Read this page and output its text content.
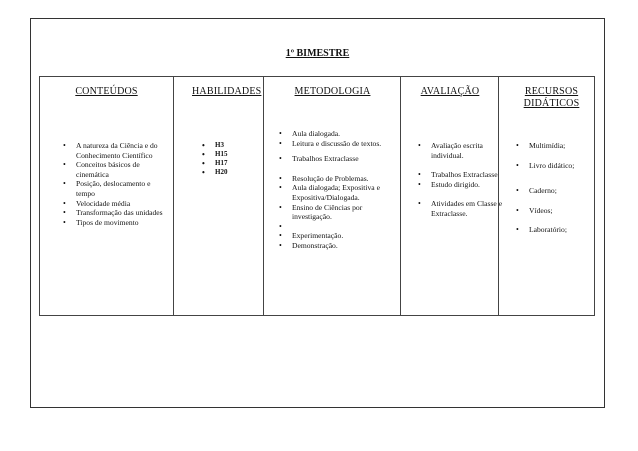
1º BIMESTRE
CONTEÚDOS
• A natureza da Ciência e do Conhecimento Científico
• Conceitos básicos de cinemática
• Posição, deslocamento e tempo
• Velocidade média
• Transformação das unidades
• Tipos de movimento
HABILIDADES
• H3
• H15
• H17
• H20
METODOLOGIA
• Aula dialogada.
• Leitura e discussão de textos.
• Trabalhos Extraclasse
• Resolução de Problemas.
• Aula dialogada; Expositiva e Expositiva/Dialogada.
• Ensino de Ciências por investigação.
•
• Experimentação.
• Demonstração.
AVALIAÇÃO
• Avaliação escrita individual.
• Trabalhos Extraclasse
• Estudo dirigido.
• Atividades em Classe e Extraclasse.
RECURSOS DIDÁTICOS
• Multimídia;
• Livro didático;
• Caderno;
• Vídeos;
• Laboratório;
